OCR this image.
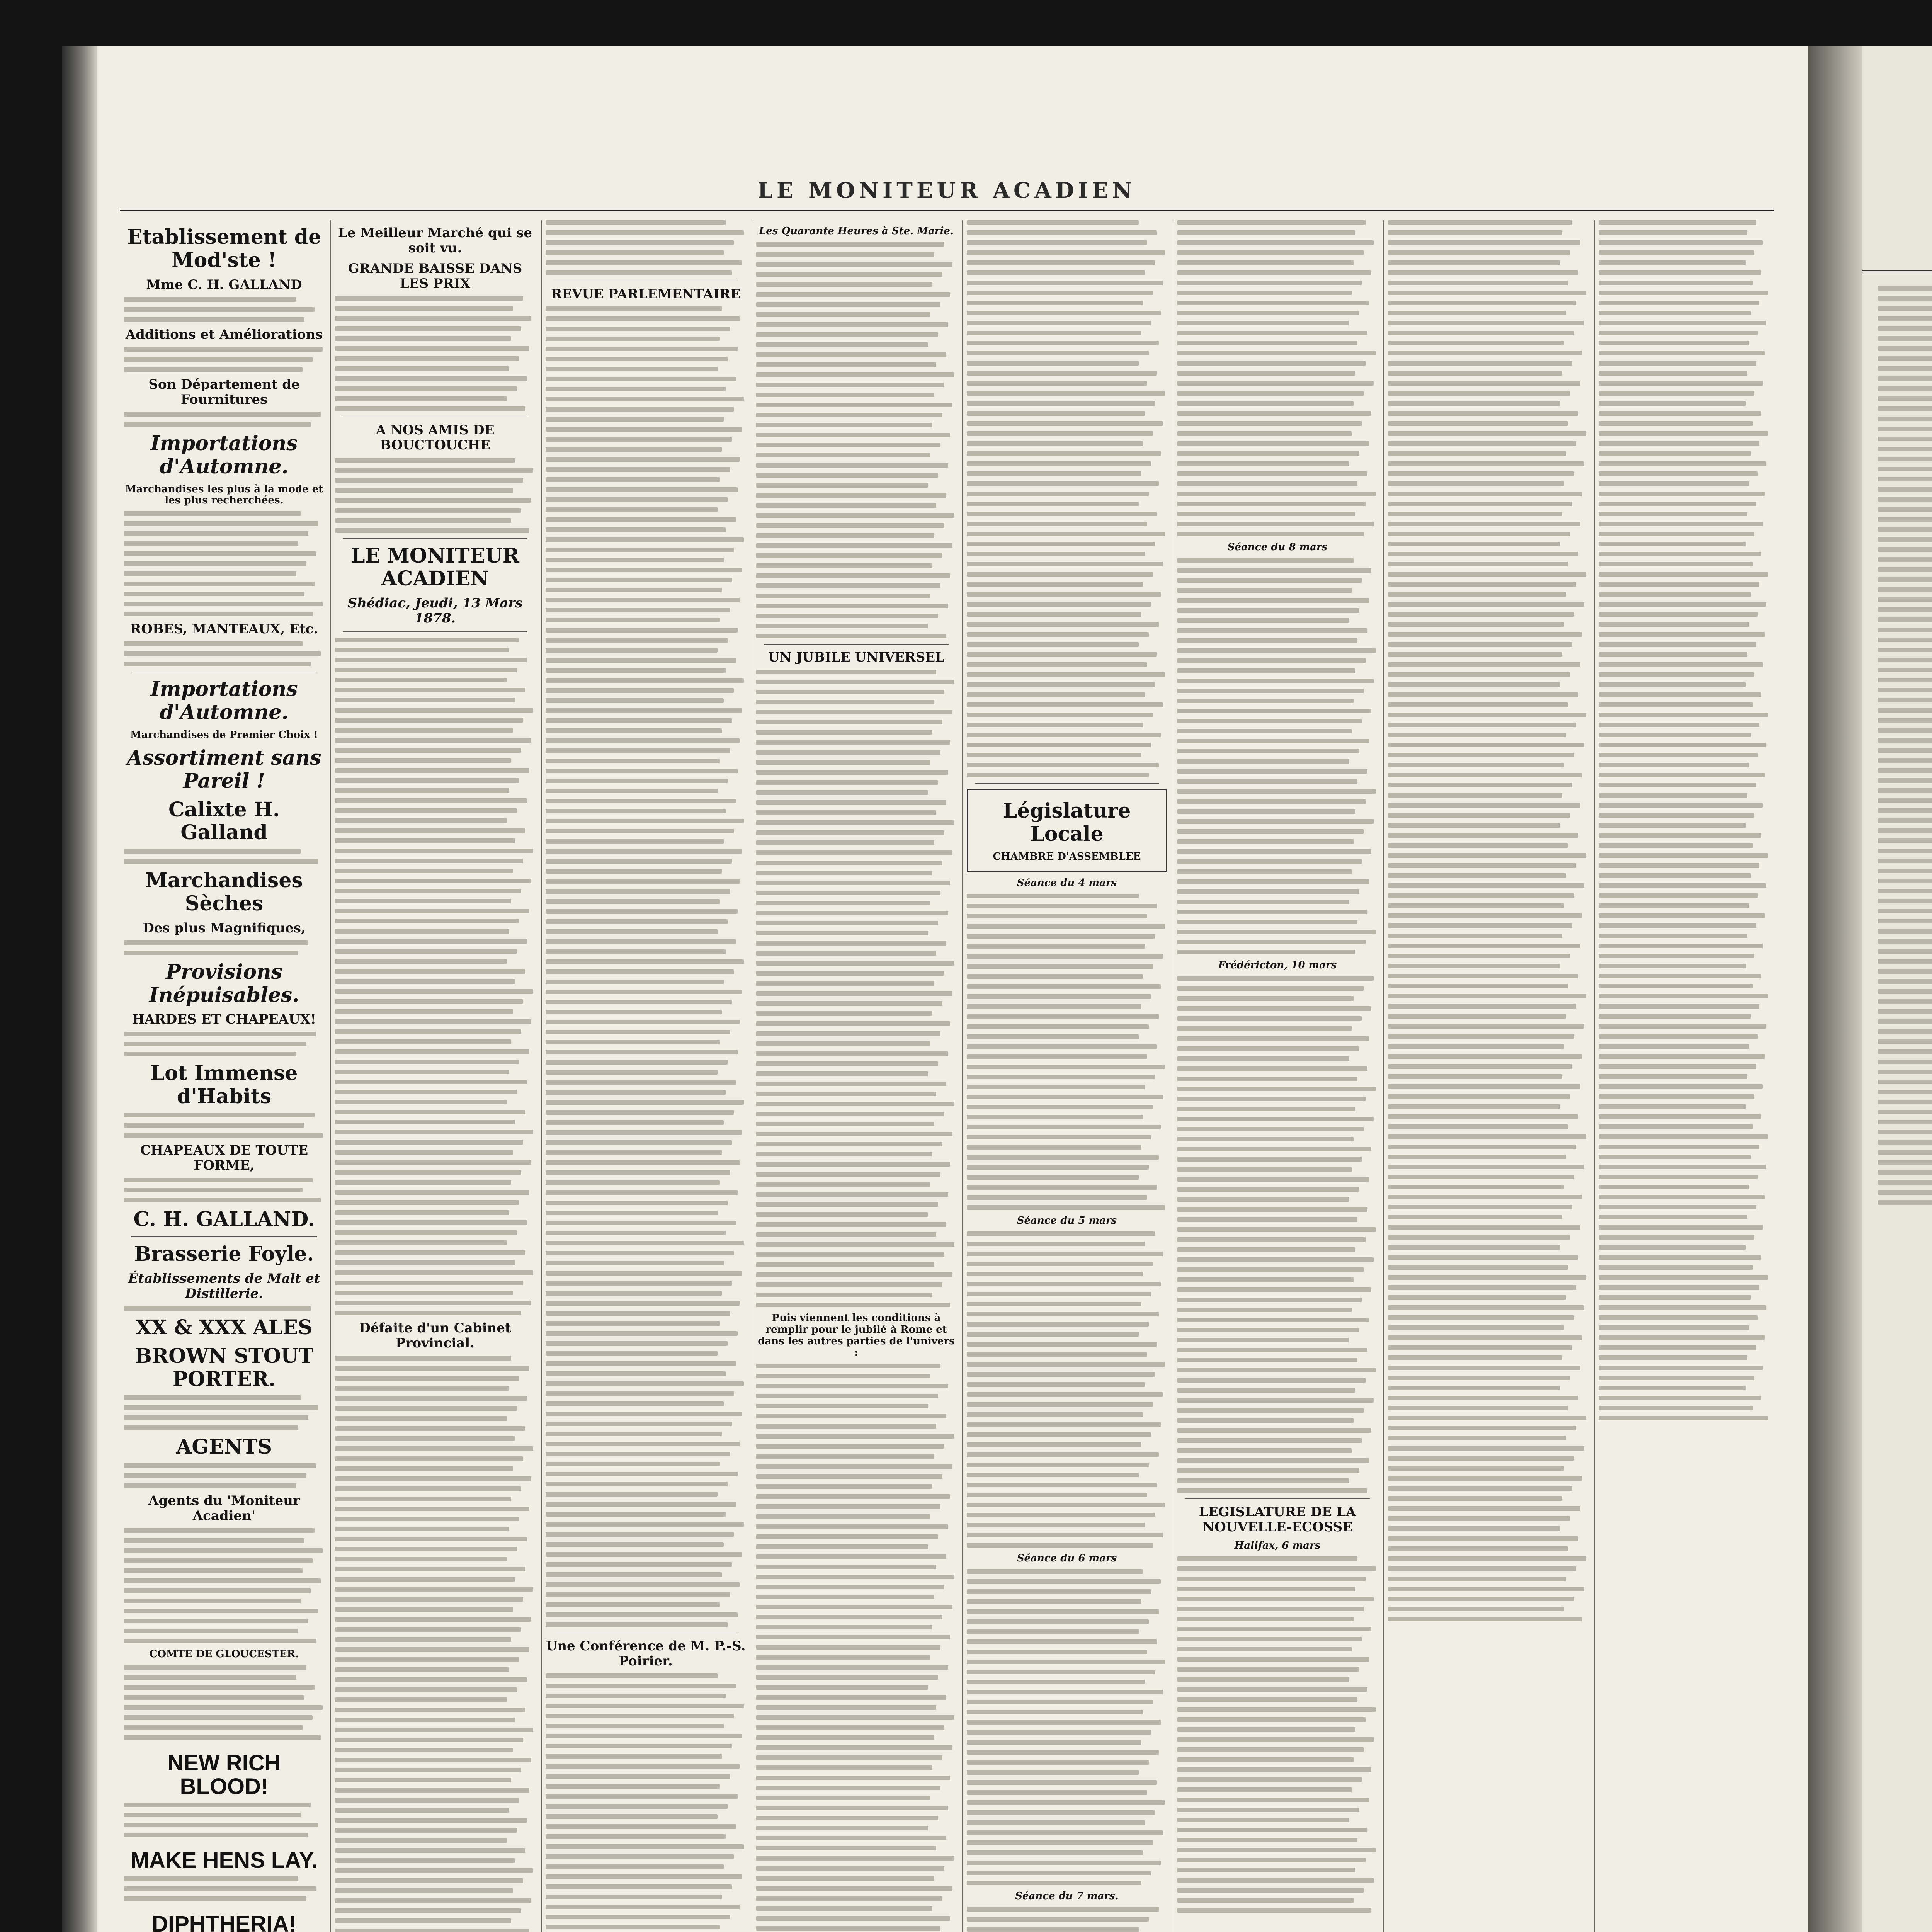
LE MONITEUR ACADIEN
Etablissement de Mod'ste !
Mme C. H. GALLAND
Additions et Améliorations
Son Département de Fournitures
Importations d'Automne.
Marchandises les plus à la mode et les plus recherchées.
ROBES, MANTEAUX, Etc.
Importations d'Automne.
Marchandises de Premier Choix !
Assortiment sans Pareil !
Calixte H. Galland
Marchandises Sèches
Des plus Magnifiques,
Provisions Inépuisables.
HARDES ET CHAPEAUX!
Lot Immense d'Habits
CHAPEAUX DE TOUTE FORME,
C. H. GALLAND.
Brasserie Foyle.
Établissements de Malt et Distillerie.
XX & XXX ALES
BROWN STOUT PORTER.
AGENTS
Agents du 'Moniteur Acadien'
COMTE DE GLOUCESTER.
NEW RICH BLOOD!
MAKE HENS LAY.
DIPHTHERIA!
Le Meilleur Marché qui se soit vu.
GRANDE BAISSE DANS LES PRIX
A NOS AMIS DE BOUCTOUCHE
LE MONITEUR ACADIEN
Shédiac, Jeudi, 13 Mars 1878.
Défaite d'un Cabinet Provincial.
REVUE PARLEMENTAIRE
Une Conférence de M. P.-S. Poirier.
Les Quarante Heures à Ste. Marie.
UN JUBILE UNIVERSEL
Puis viennent les conditions à remplir pour le jubilé à Rome et dans les autres parties de l'univers :
Législature Locale
CHAMBRE D'ASSEMBLEE
Séance du 4 mars
Séance du 5 mars
Séance du 6 mars
Séance du 7 mars.
Séance du 8 mars
Frédéricton, 10 mars
LEGISLATURE DE LA NOUVELLE-ECOSSE
Halifax, 6 mars
